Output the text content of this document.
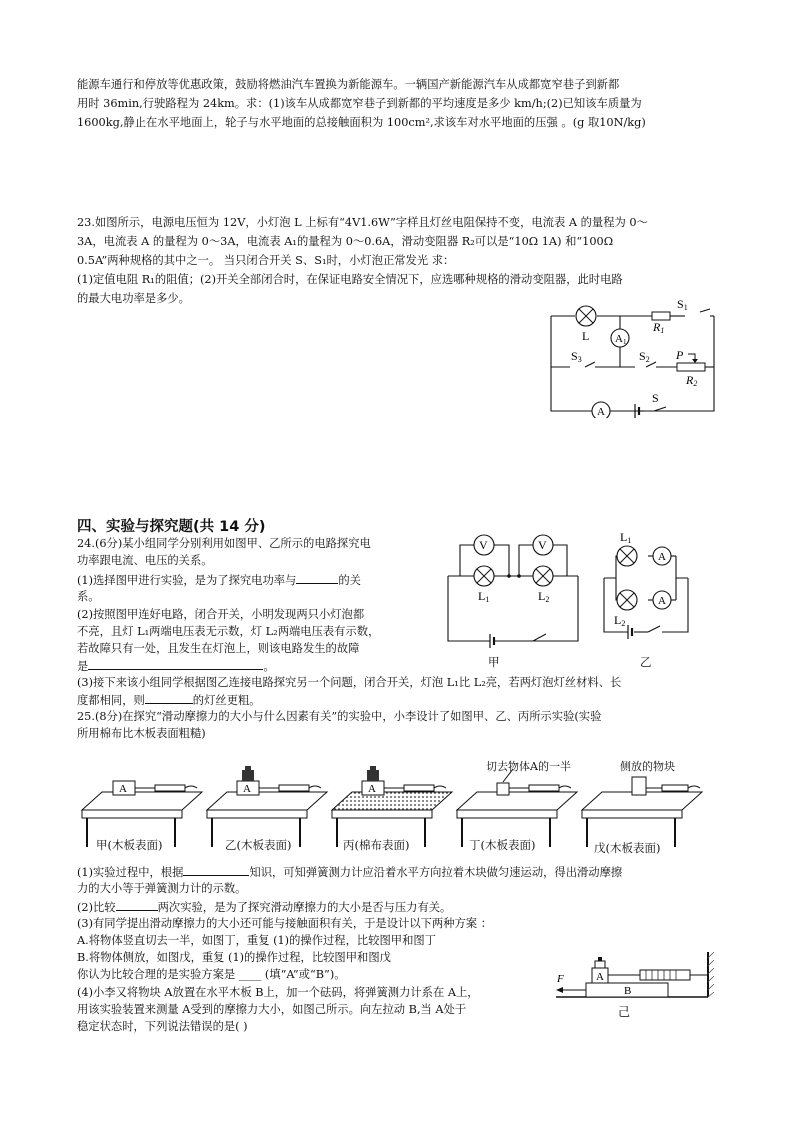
能源车通行和停放等优惠政策，鼓励将燃油汽车置换为新能源车。一辆国产新能源汽车从成都宽窄巷子到新都
用时 36min,行驶路程为 24km。求：(1)该车从成都宽窄巷子到新都的平均速度是多少 km/h;(2)已知该车质量为
1600kg,静止在水平地面上，轮子与水平地面的总接触面积为 100cm²,求该车对水平地面的压强 。(g 取10N/kg)
23.如图所示，电源电压恒为 12V，小灯泡 L 上标有“4V1.6W”字样且灯丝电阻保持不变，电流表 A 的量程为 0～
3A，电流表 A 的量程为 0～3A，电流表 A₁的量程为 0～0.6A，滑动变阻器 R₂可以是“10Ω 1A) 和“100Ω
0.5A”两种规格的其中之一。 当只闭合开关 S、S₁时，小灯泡正常发光 求：
(1)定值电阻 R₁的阻值；(2)开关全部闭合时，在保证电路安全情况下，应选哪种规格的滑动变阻器，此时电路
的最大电功率是多少。
L
R1
S1
A1
S3	S2 P
R2
A
S
四、实验与探究题(共 14 分)
24.(6分)某小组同学分别利用如图甲、乙所示的电路探究电
功率跟电流、电压的关系。
(1)选择图甲进行实验，是为了探究电功率与	的关
系。
(2)按照图甲连好电路，闭合开关，小明发现两只小灯泡都
不亮，且灯 L₁两端电压表无示数，灯 L₂两端电压表有示数，
若故障只有一处，且发生在灯泡上，则该电路发生的故障
是	。
(3)接下来该小组同学根据图乙连接电路探究另一个问题，闭合开关，灯泡 L₁比 L₂亮，若两灯泡灯丝材料、长
度都相同，则	的灯丝更粗。
V	V
L1	L2
甲
A
A
L1
L2
乙
25.(8分)在探究“滑动摩擦力的大小与什么因素有关”的实验中，小李设计了如图甲、乙、丙所示实验(实验
所用棉布比木板表面粗糙)
A	A	A
切去物体A的一半	侧放的物块
甲(木板表面)	乙(木板表面)	丙(棉布表面)	丁(木板表面)	戊(木板表面)
(1)实验过程中，根据	知识，可知弹簧测力计应沿着水平方向拉着木块做匀速运动，得出滑动摩擦
力的大小等于弹簧测力计的示数。
(2)比较	两次实验，是为了探究滑动摩擦力的大小是否与压力有关。
(3)有同学提出滑动摩擦力的大小还可能与接触面积有关，于是设计以下两种方案 ：
A.将物体竖直切去一半，如图丁，重复 (1)的操作过程，比较图甲和图丁
B.将物体侧放，如图戊，重复 (1)的操作过程，比较图甲和图戊
你认为比较合理的是实验方案是 ____ (填“A”或“B”)。
(4)小李又将物块 A放置在水平木板 B上，加一个砝码，将弹簧测力计系在 A上，
用该实验装置来测量 A受到的摩擦力大小，如图己所示。向左拉动 B,当 A处于
稳定状态时，下列说法错误的是( )
B
A
F
己
